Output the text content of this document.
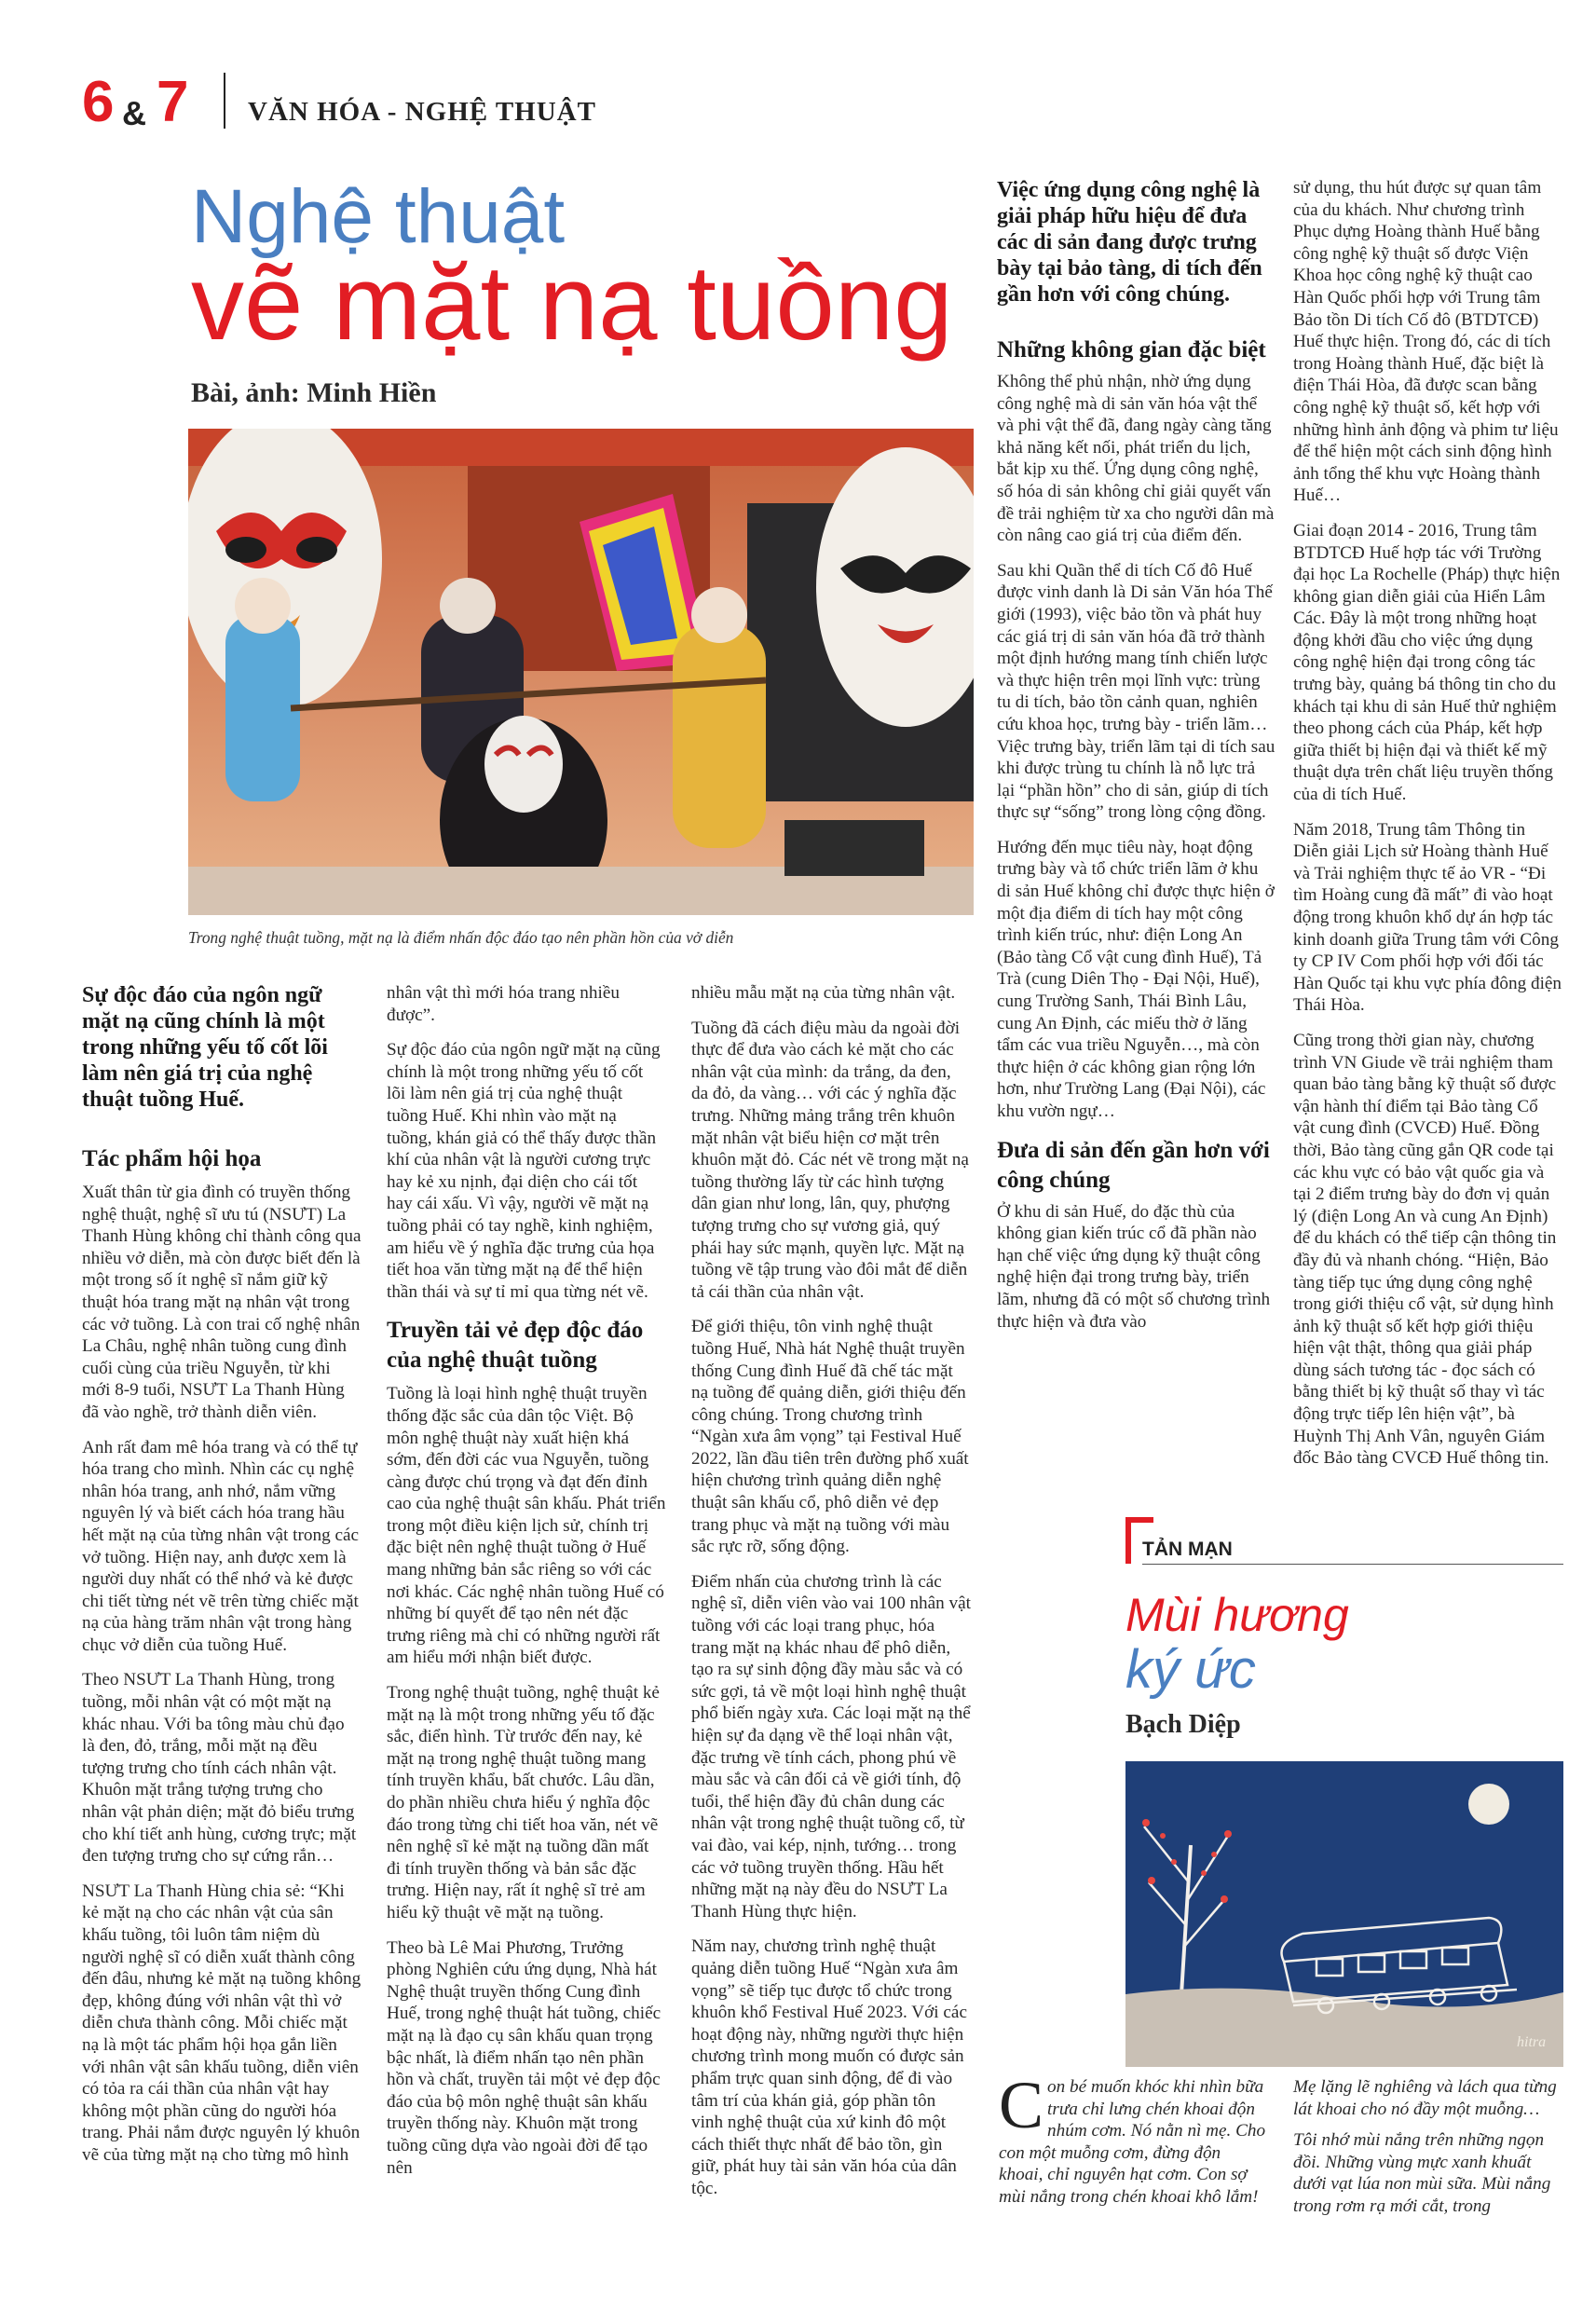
6 & 7 VĂN HÓA - NGHỆ THUẬT
Nghệ thuật
vẽ mặt nạ tuồng
Bài, ảnh: Minh Hiền
Trong nghệ thuật tuồng, mặt nạ là điểm nhấn độc đáo tạo nên phần hồn của vở diễn

Sự độc đáo của ngôn ngữ mặt nạ cũng chính là một trong những yếu tố cốt lõi làm nên giá trị của nghệ thuật tuồng Huế.

Tác phẩm hội họa

Xuất thân từ gia đình có truyền thống nghệ thuật, nghệ sĩ ưu tú (NSƯT) La Thanh Hùng không chỉ thành công qua nhiều vở diễn, mà còn được biết đến là một trong số ít nghệ sĩ nắm giữ kỹ thuật hóa trang mặt nạ nhân vật trong các vở tuồng. Là con trai cố nghệ nhân La Châu, nghệ nhân tuồng cung đình cuối cùng của triều Nguyễn, từ khi mới 8-9 tuổi, NSƯT La Thanh Hùng đã vào nghề, trở thành diễn viên.

Anh rất đam mê hóa trang và có thể tự hóa trang cho mình. Nhìn các cụ nghệ nhân hóa trang, anh nhớ, nắm vững nguyên lý và biết cách hóa trang hầu hết mặt nạ của từng nhân vật trong các vở tuồng. Hiện nay, anh được xem là người duy nhất có thể nhớ và kẻ được chi tiết từng nét vẽ trên từng chiếc mặt nạ của hàng trăm nhân vật trong hàng chục vở diễn của tuồng Huế.

Theo NSƯT La Thanh Hùng, trong tuồng, mỗi nhân vật có một mặt nạ khác nhau. Với ba tông màu chủ đạo là đen, đỏ, trắng, mỗi mặt nạ đều tượng trưng cho tính cách nhân vật. Khuôn mặt trắng tượng trưng cho nhân vật phản diện; mặt đỏ biểu trưng cho khí tiết anh hùng, cương trực; mặt đen tượng trưng cho sự cứng rắn…

NSƯT La Thanh Hùng chia sẻ: “Khi kẻ mặt nạ cho các nhân vật của sân khấu tuồng, tôi luôn tâm niệm dù người nghệ sĩ có diễn xuất thành công đến đâu, nhưng kẻ mặt nạ tuồng không đẹp, không đúng với nhân vật thì vở diễn chưa thành công. Mỗi chiếc mặt nạ là một tác phẩm hội họa gắn liền với nhân vật sân khấu tuồng, diễn viên có tỏa ra cái thần của nhân vật hay không một phần cũng do người hóa trang. Phải nắm được nguyên lý khuôn vẽ của từng mặt nạ cho từng mô hình

nhân vật thì mới hóa trang nhiều được”.

Sự độc đáo của ngôn ngữ mặt nạ cũng chính là một trong những yếu tố cốt lõi làm nên giá trị của nghệ thuật tuồng Huế. Khi nhìn vào mặt nạ tuồng, khán giả có thể thấy được thần khí của nhân vật là người cương trực hay kẻ xu nịnh, đại diện cho cái tốt hay cái xấu. Vì vậy, người vẽ mặt nạ tuồng phải có tay nghề, kinh nghiệm, am hiểu về ý nghĩa đặc trưng của họa tiết hoa văn từng mặt nạ để thể hiện thần thái và sự tỉ mỉ qua từng nét vẽ.

Truyền tải vẻ đẹp độc đáo của nghệ thuật tuồng

Tuồng là loại hình nghệ thuật truyền thống đặc sắc của dân tộc Việt. Bộ môn nghệ thuật này xuất hiện khá sớm, đến đời các vua Nguyễn, tuồng càng được chú trọng và đạt đến đỉnh cao của nghệ thuật sân khấu. Phát triển trong một điều kiện lịch sử, chính trị đặc biệt nên nghệ thuật tuồng ở Huế mang những bản sắc riêng so với các nơi khác. Các nghệ nhân tuồng Huế có những bí quyết để tạo nên nét đặc trưng riêng mà chỉ có những người rất am hiểu mới nhận biết được.

Trong nghệ thuật tuồng, nghệ thuật kẻ mặt nạ là một trong những yếu tố đặc sắc, điển hình. Từ trước đến nay, kẻ mặt nạ trong nghệ thuật tuồng mang tính truyền khẩu, bất chước. Lâu dần, do phần nhiều chưa hiểu ý nghĩa độc đáo trong từng chi tiết hoa văn, nét vẽ nên nghệ sĩ kẻ mặt nạ tuồng dần mất đi tính truyền thống và bản sắc đặc trưng. Hiện nay, rất ít nghệ sĩ trẻ am hiểu kỹ thuật vẽ mặt nạ tuồng.

Theo bà Lê Mai Phương, Trưởng phòng Nghiên cứu ứng dụng, Nhà hát Nghệ thuật truyền thống Cung đình Huế, trong nghệ thuật hát tuồng, chiếc mặt nạ là đạo cụ sân khấu quan trọng bậc nhất, là điểm nhấn tạo nên phần hồn và chất, truyền tải một vẻ đẹp độc đáo của bộ môn nghệ thuật sân khấu truyền thống này. Khuôn mặt trong tuồng cũng dựa vào ngoài đời để tạo nên

nhiều mẫu mặt nạ của từng nhân vật.

Tuồng đã cách điệu màu da ngoài đời thực để đưa vào cách kẻ mặt cho các nhân vật của mình: da trắng, da đen, da đỏ, da vàng… với các ý nghĩa đặc trưng. Những mảng trắng trên khuôn mặt nhân vật biểu hiện cơ mặt trên khuôn mặt đỏ. Các nét vẽ trong mặt nạ tuồng thường lấy từ các hình tượng dân gian như long, lân, quy, phượng tượng trưng cho sự vương giả, quý phái hay sức mạnh, quyền lực. Mặt nạ tuồng vẽ tập trung vào đôi mắt để diễn tả cái thần của nhân vật.

Để giới thiệu, tôn vinh nghệ thuật tuồng Huế, Nhà hát Nghệ thuật truyền thống Cung đình Huế đã chế tác mặt nạ tuồng để quảng diễn, giới thiệu đến công chúng. Trong chương trình “Ngàn xưa âm vọng” tại Festival Huế 2022, lần đầu tiên trên đường phố xuất hiện chương trình quảng diễn nghệ thuật sân khấu cổ, phô diễn vẻ đẹp trang phục và mặt nạ tuồng với màu sắc rực rỡ, sống động.

Điểm nhấn của chương trình là các nghệ sĩ, diễn viên vào vai 100 nhân vật tuồng với các loại trang phục, hóa trang mặt nạ khác nhau để phô diễn, tạo ra sự sinh động đầy màu sắc và có sức gợi, tả về một loại hình nghệ thuật phổ biến ngày xưa. Các loại mặt nạ thể hiện sự đa dạng về thể loại nhân vật, đặc trưng về tính cách, phong phú về màu sắc và cân đối cả về giới tính, độ tuổi, thể hiện đầy đủ chân dung các nhân vật trong nghệ thuật tuồng cổ, từ vai đào, vai kép, nịnh, tướng… trong các vở tuồng truyền thống. Hầu hết những mặt nạ này đều do NSƯT La Thanh Hùng thực hiện.

Năm nay, chương trình nghệ thuật quảng diễn tuồng Huế “Ngàn xưa âm vọng” sẽ tiếp tục được tổ chức trong khuôn khổ Festival Huế 2023. Với các hoạt động này, những người thực hiện chương trình mong muốn có được sản phẩm trực quan sinh động, để đi vào tâm trí của khán giả, góp phần tôn vinh nghệ thuật của xứ kinh đô một cách thiết thực nhất để bảo tồn, gìn giữ, phát huy tài sản văn hóa của dân tộc.

Việc ứng dụng công nghệ là giải pháp hữu hiệu để đưa các di sản đang được trưng bày tại bảo tàng, di tích đến gần hơn với công chúng.

Những không gian đặc biệt

Không thể phủ nhận, nhờ ứng dụng công nghệ mà di sản văn hóa vật thể và phi vật thể đã, đang ngày càng tăng khả năng kết nối, phát triển du lịch, bắt kịp xu thế. Ứng dụng công nghệ, số hóa di sản không chỉ giải quyết vấn đề trải nghiệm từ xa cho người dân mà còn nâng cao giá trị của điểm đến.

Sau khi Quần thể di tích Cố đô Huế được vinh danh là Di sản Văn hóa Thế giới (1993), việc bảo tồn và phát huy các giá trị di sản văn hóa đã trở thành một định hướng mang tính chiến lược và thực hiện trên mọi lĩnh vực: trùng tu di tích, bảo tồn cảnh quan, nghiên cứu khoa học, trưng bày - triển lãm… Việc trưng bày, triển lãm tại di tích sau khi được trùng tu chính là nỗ lực trả lại “phần hồn” cho di sản, giúp di tích thực sự “sống” trong lòng cộng đồng.

Hướng đến mục tiêu này, hoạt động trưng bày và tổ chức triển lãm ở khu di sản Huế không chỉ được thực hiện ở một địa điểm di tích hay một công trình kiến trúc, như: điện Long An (Bảo tàng Cổ vật cung đình Huế), Tả Trà (cung Diên Thọ - Đại Nội, Huế), cung Trường Sanh, Thái Bình Lâu, cung An Định, các miếu thờ ở lăng tẩm các vua triều Nguyễn…, mà còn thực hiện ở các không gian rộng lớn hơn, như Trường Lang (Đại Nội), các khu vườn ngự…

Đưa di sản đến gần hơn với công chúng

Ở khu di sản Huế, do đặc thù của không gian kiến trúc cổ đã phần nào hạn chế việc ứng dụng kỹ thuật công nghệ hiện đại trong trưng bày, triển lãm, nhưng đã có một số chương trình thực hiện và đưa vào

sử dụng, thu hút được sự quan tâm của du khách. Như chương trình Phục dựng Hoàng thành Huế bằng công nghệ kỹ thuật số được Viện Khoa học công nghệ kỹ thuật cao Hàn Quốc phối hợp với Trung tâm Bảo tồn Di tích Cố đô (BTDTCĐ) Huế thực hiện. Trong đó, các di tích trong Hoàng thành Huế, đặc biệt là điện Thái Hòa, đã được scan bằng công nghệ kỹ thuật số, kết hợp với những hình ảnh động và phim tư liệu để thể hiện một cách sinh động hình ảnh tổng thể khu vực Hoàng thành Huế…

Giai đoạn 2014 - 2016, Trung tâm BTDTCĐ Huế hợp tác với Trường đại học La Rochelle (Pháp) thực hiện không gian diễn giải của Hiển Lâm Các. Đây là một trong những hoạt động khởi đầu cho việc ứng dụng công nghệ hiện đại trong công tác trưng bày, quảng bá thông tin cho du khách tại khu di sản Huế thử nghiệm theo phong cách của Pháp, kết hợp giữa thiết bị hiện đại và thiết kế mỹ thuật dựa trên chất liệu truyền thống của di tích Huế.

Năm 2018, Trung tâm Thông tin Diễn giải Lịch sử Hoàng thành Huế và Trải nghiệm thực tế ảo VR - “Đi tìm Hoàng cung đã mất” đi vào hoạt động trong khuôn khổ dự án hợp tác kinh doanh giữa Trung tâm với Công ty CP IV Com phối hợp với đối tác Hàn Quốc tại khu vực phía đông điện Thái Hòa.

Cũng trong thời gian này, chương trình VN Giude về trải nghiệm tham quan bảo tàng bằng kỹ thuật số được vận hành thí điểm tại Bảo tàng Cổ vật cung đình (CVCĐ) Huế. Đồng thời, Bảo tàng cũng gắn QR code tại các khu vực có bảo vật quốc gia và tại 2 điểm trưng bày do đơn vị quản lý (điện Long An và cung An Định) để du khách có thể tiếp cận thông tin đầy đủ và nhanh chóng. “Hiện, Bảo tàng tiếp tục ứng dụng công nghệ trong giới thiệu cổ vật, sử dụng hình ảnh kỹ thuật số kết hợp giới thiệu hiện vật thật, thông qua giải pháp dùng sách tương tác - đọc sách có bằng thiết bị kỹ thuật số thay vì tác động trực tiếp lên hiện vật”, bà Huỳnh Thị Anh Vân, nguyên Giám đốc Bảo tàng CVCĐ Huế thông tin.

TẢN MẠN
Mùi hương
ký ức
Bạch Diệp
hitra
C on bé muốn khóc khi nhìn bữa trưa chỉ lưng chén khoai độn nhúm cơm. Nó nằn nì mẹ. Cho con một muỗng cơm, đừng độn khoai, chỉ nguyên hạt cơm. Con sợ mùi nắng trong chén khoai khô lắm!

Mẹ lặng lẽ nghiêng và lách qua từng lát khoai cho nó đầy một muỗng…

Tôi nhớ mùi nắng trên những ngọn đồi. Những vùng mực xanh khuất dưới vạt lúa non mùi sữa. Mùi nắng trong rơm rạ mới cắt, trong
